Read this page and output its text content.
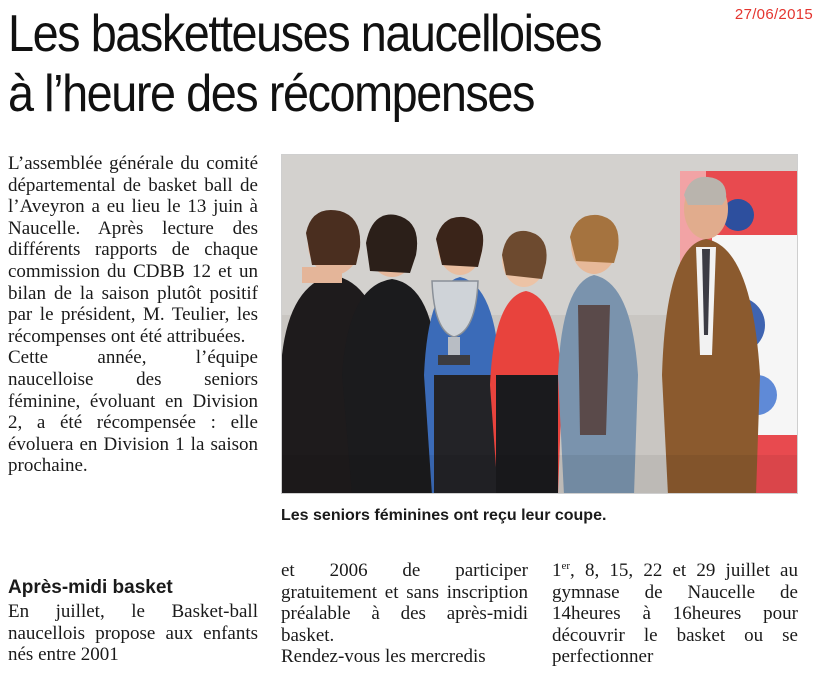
27/06/2015
Les basketteuses naucelloises
à l’heure des récompenses

L’assemblée générale du comité départemental de basket ball de l’Aveyron a eu lieu le 13 juin à Naucelle. Après lecture des différents rapports de chaque commission du CDBB 12 et un bilan de la saison plutôt positif par le président, M. Teulier, les récompenses ont été attribuées.

Cette année, l’équipe naucelloise des seniors féminine, évoluant en Division 2, a été récompensée : elle évoluera en Division 1 la saison prochaine.

Après-midi basket

En juillet, le Basket-ball naucellois propose aux enfants nés entre 2001

Les seniors féminines ont reçu leur coupe.

et 2006 de participer gratuitement et sans inscription préalable à des après-midi basket.

Rendez-vous les mercredis

1er, 8, 15, 22 et 29 juillet au gymnase de Naucelle de 14heures à 16heures pour découvrir le basket ou se perfectionner
